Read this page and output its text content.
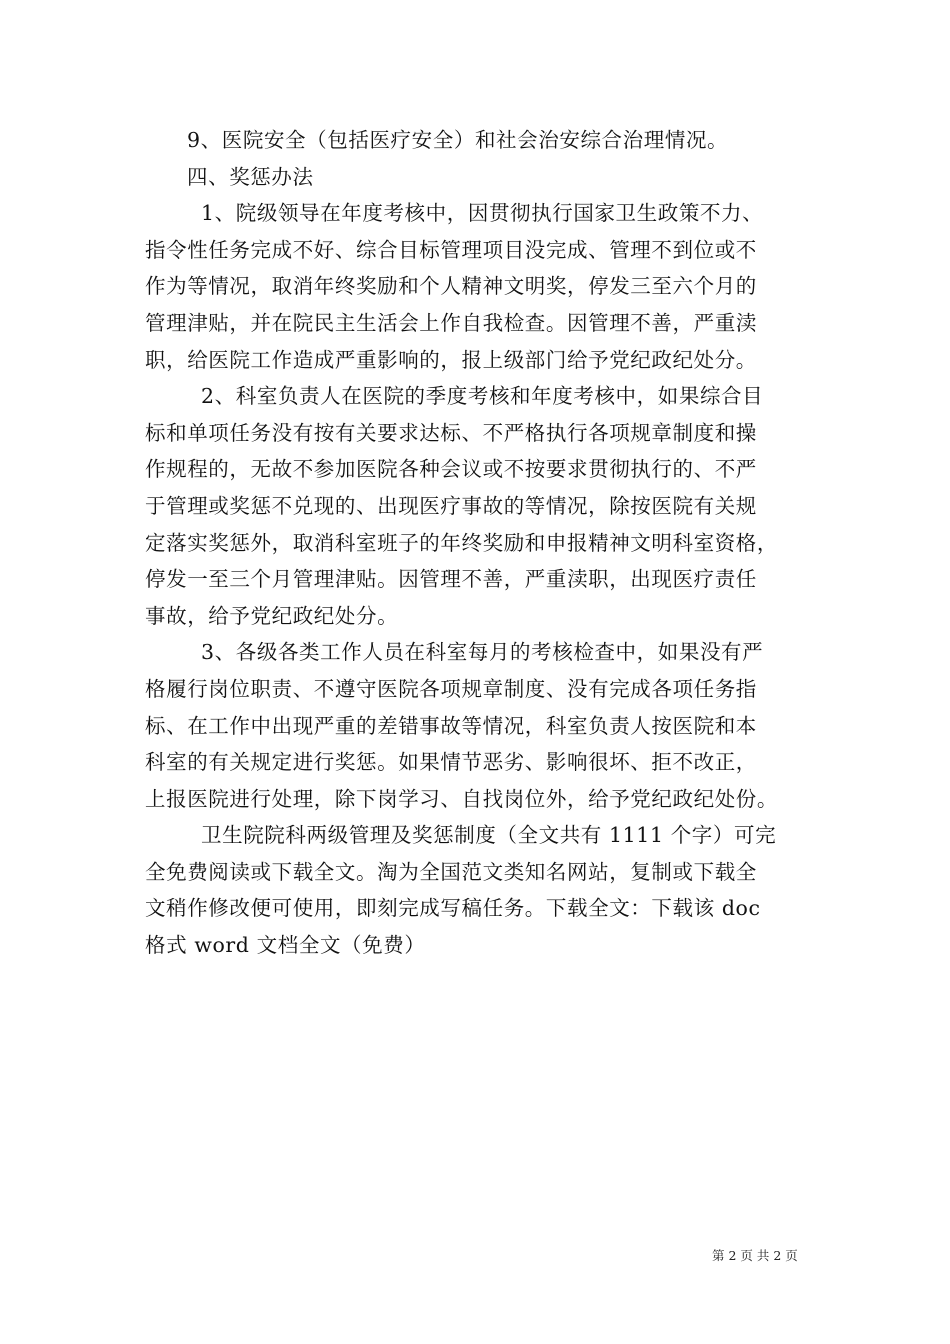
9、医院安全（包括医疗安全）和社会治安综合治理情况。
四、奖惩办法
1、院级领导在年度考核中，因贯彻执行国家卫生政策不力、
指令性任务完成不好、综合目标管理项目没完成、管理不到位或不
作为等情况，取消年终奖励和个人精神文明奖，停发三至六个月的
管理津贴，并在院民主生活会上作自我检查。因管理不善，严重渎
职，给医院工作造成严重影响的，报上级部门给予党纪政纪处分。
2、科室负责人在医院的季度考核和年度考核中，如果综合目
标和单项任务没有按有关要求达标、不严格执行各项规章制度和操
作规程的，无故不参加医院各种会议或不按要求贯彻执行的、不严
于管理或奖惩不兑现的、出现医疗事故的等情况，除按医院有关规
定落实奖惩外，取消科室班子的年终奖励和申报精神文明科室资格，
停发一至三个月管理津贴。因管理不善，严重渎职，出现医疗责任
事故，给予党纪政纪处分。
3、各级各类工作人员在科室每月的考核检查中，如果没有严
格履行岗位职责、不遵守医院各项规章制度、没有完成各项任务指
标、在工作中出现严重的差错事故等情况，科室负责人按医院和本
科室的有关规定进行奖惩。如果情节恶劣、影响很坏、拒不改正，
上报医院进行处理，除下岗学习、自找岗位外，给予党纪政纪处份。
卫生院院科两级管理及奖惩制度（全文共有 1111 个字）可完
全免费阅读或下载全文。淘为全国范文类知名网站，复制或下载全
文稍作修改便可使用，即刻完成写稿任务。下载全文：下载该 doc
格式 word 文档全文（免费）
第 2 页 共 2 页
